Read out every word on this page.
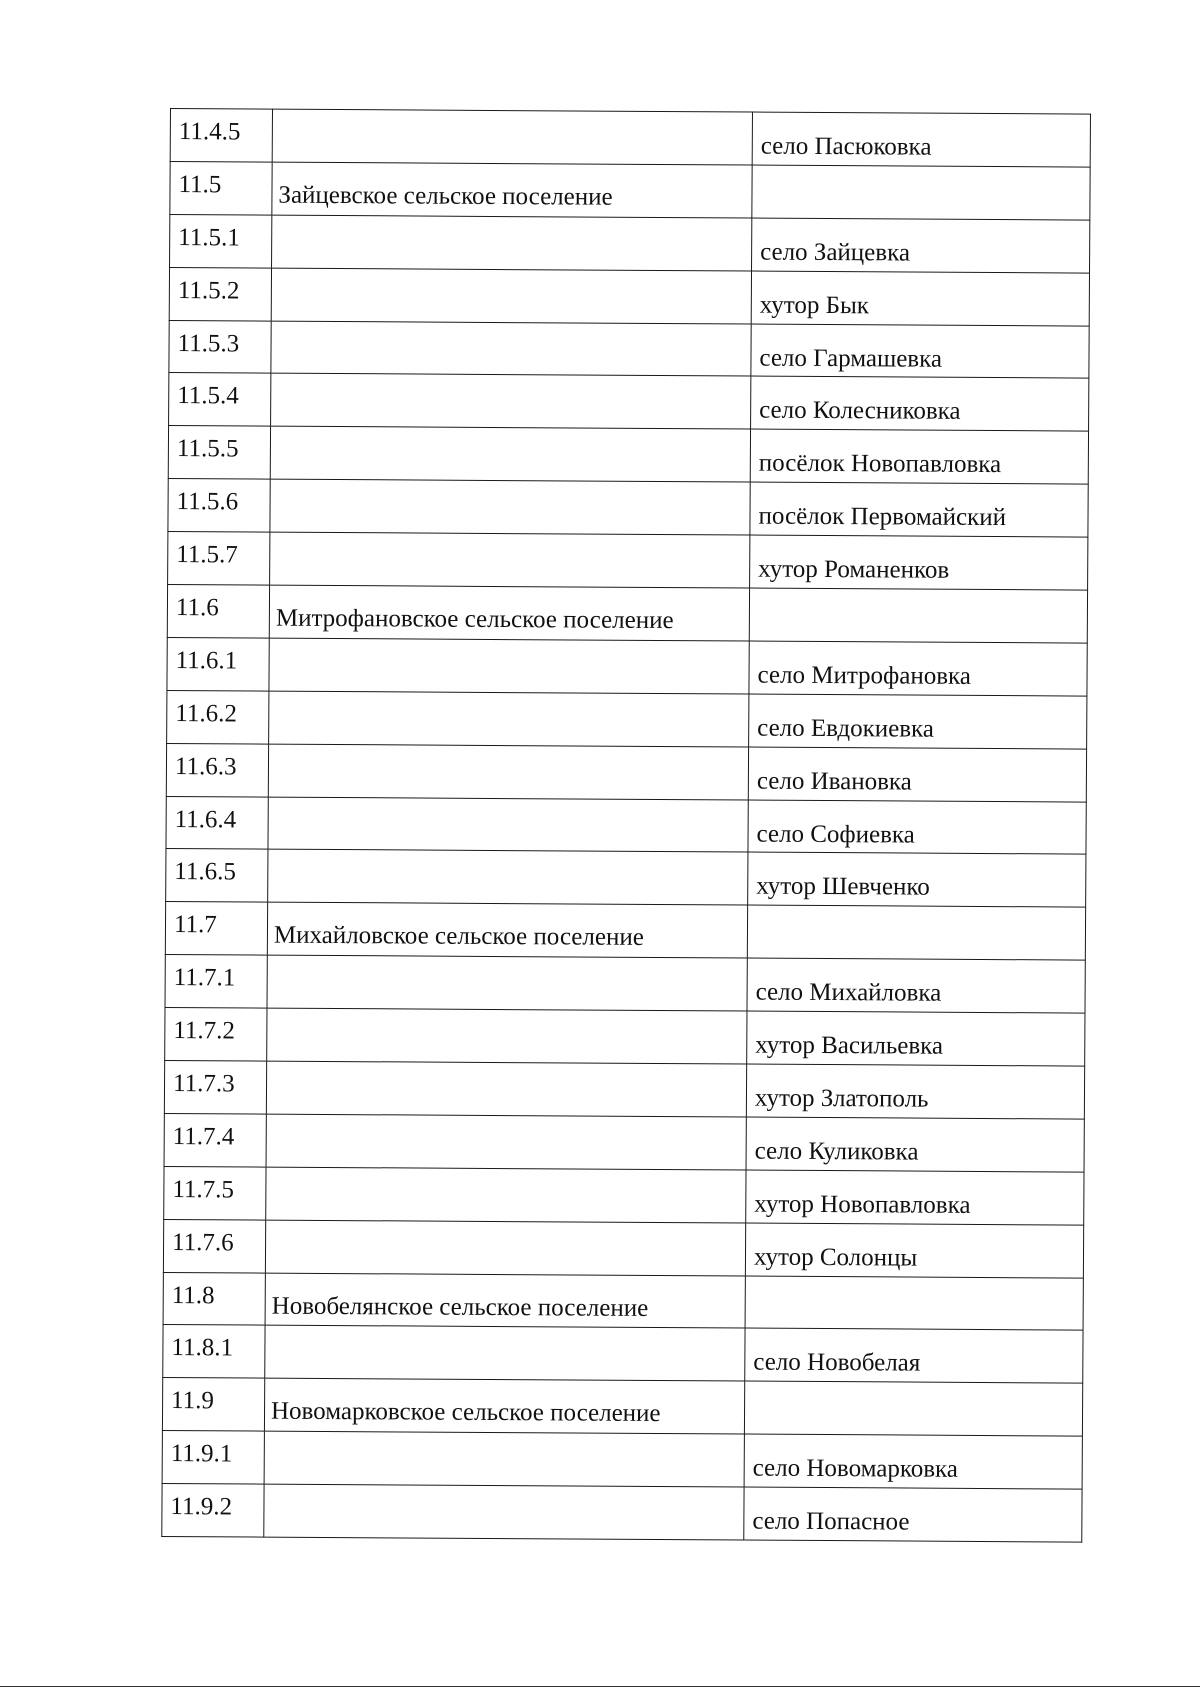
11.4.5		село Пасюковка
11.5	Зайцевское сельское поселение	
11.5.1		село Зайцевка
11.5.2		хутор Бык
11.5.3		село Гармашевка
11.5.4		село Колесниковка
11.5.5		посёлок Новопавловка
11.5.6		посёлок Первомайский
11.5.7		хутор Романенков
11.6	Митрофановское сельское поселение	
11.6.1		село Митрофановка
11.6.2		село Евдокиевка
11.6.3		село Ивановка
11.6.4		село Софиевка
11.6.5		хутор Шевченко
11.7	Михайловское сельское поселение	
11.7.1		село Михайловка
11.7.2		хутор Васильевка
11.7.3		хутор Златополь
11.7.4		село Куликовка
11.7.5		хутор Новопавловка
11.7.6		хутор Солонцы
11.8	Новобелянское сельское поселение	
11.8.1		село Новобелая
11.9	Новомарковское сельское поселение	
11.9.1		село Новомарковка
11.9.2		село Попасное
